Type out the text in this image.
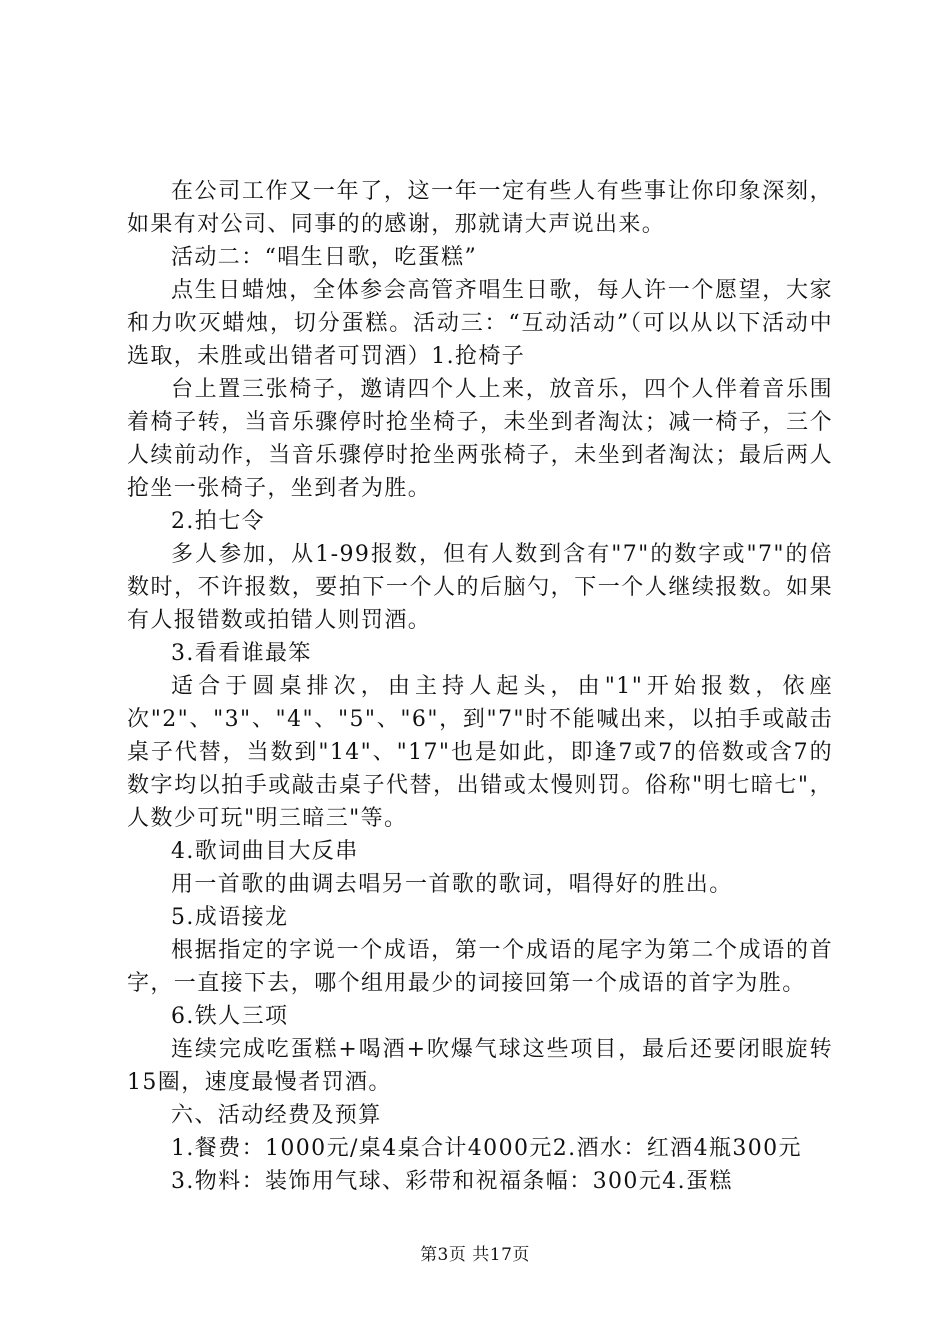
在公司工作又一年了，这一年一定有些人有些事让你印象深刻，如果有对公司、同事的的感谢，那就请大声说出来。

活动二：“唱生日歌，吃蛋糕”

点生日蜡烛，全体参会高管齐唱生日歌，每人许一个愿望，大家和力吹灭蜡烛，切分蛋糕。活动三：“互动活动”（可以从以下活动中选取，未胜或出错者可罚酒）1.抢椅子

台上置三张椅子，邀请四个人上来，放音乐，四个人伴着音乐围着椅子转，当音乐骤停时抢坐椅子，未坐到者淘汰；减一椅子，三个人续前动作，当音乐骤停时抢坐两张椅子，未坐到者淘汰；最后两人抢坐一张椅子，坐到者为胜。

2.拍七令

多人参加，从1-99报数，但有人数到含有"7"的数字或"7"的倍数时，不许报数，要拍下一个人的后脑勺，下一个人继续报数。如果有人报错数或拍错人则罚酒。

3.看看谁最笨

适合于圆桌排次，由主持人起头，由"1"开始报数，依座次"2"、"3"、"4"、"5"、"6"，到"7"时不能喊出来，以拍手或敲击桌子代替，当数到"14"、"17"也是如此，即逢7或7的倍数或含7的数字均以拍手或敲击桌子代替，出错或太慢则罚。俗称"明七暗七"，人数少可玩"明三暗三"等。

4.歌词曲目大反串

用一首歌的曲调去唱另一首歌的歌词，唱得好的胜出。

5.成语接龙

根据指定的字说一个成语，第一个成语的尾字为第二个成语的首字，一直接下去，哪个组用最少的词接回第一个成语的首字为胜。

6.铁人三项

连续完成吃蛋糕+喝酒+吹爆气球这些项目，最后还要闭眼旋转15圈，速度最慢者罚酒。

六、活动经费及预算

1.餐费：1000元/桌4桌合计4000元2.酒水：红酒4瓶300元

3.物料：装饰用气球、彩带和祝福条幅：300元4.蛋糕

第3页 共17页
